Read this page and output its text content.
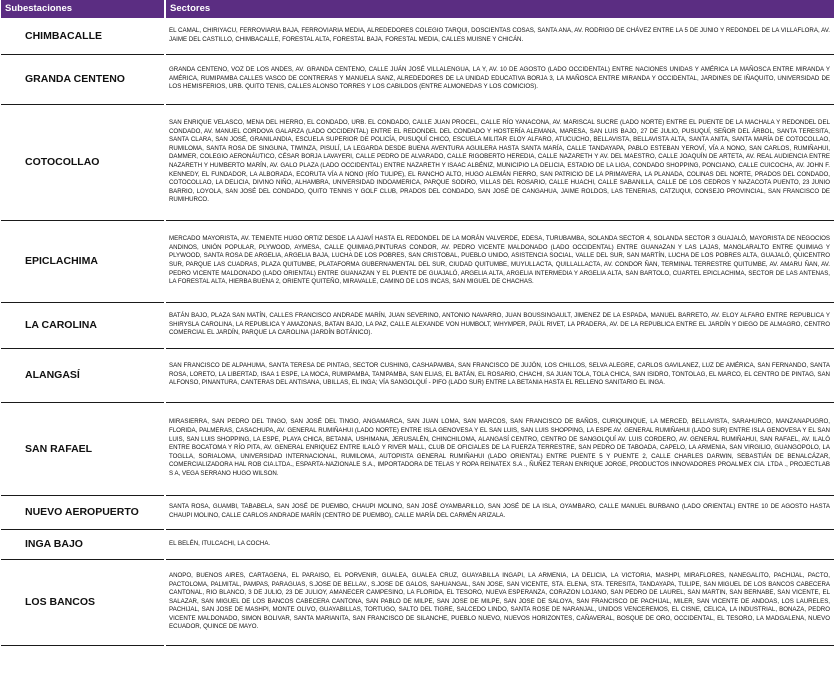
Subestaciones	Sectores
CHIMBACALLE	EL CAMAL, CHIRIYACU, FERROVIARIA BAJA, FERROVIARIA MEDIA, ALREDEDORES COLEGIO TARQUI, DOSCIENTAS COSAS, SANTA ANA, AV. RODRIGO DE CHÁVEZ ENTRE LA 5 DE JUNIO Y REDONDEL DE LA VILLAFLORA, AV. JAIME DEL CASTILLO, CHIMBACALLE, FORESTAL ALTA, FORESTAL BAJA, FORESTAL MEDIA, CALLES MUISNE Y CHICÁN.
GRANDA CENTENO	GRANDA CENTENO, VOZ DE LOS ANDES, AV. GRANDA CENTENO, CALLE JUÁN JOSÉ VILLALENGUA, LA Y, AV. 10 DE AGOSTO (LADO OCCIDENTAL) ENTRE NACIONES UNIDAS Y AMÉRICA LA MAÑOSCA ENTRE MIRANDA Y AMÉRICA, RUMIPAMBA CALLES VASCO DE CONTRERAS Y MANUELA SANZ, ALREDEDORES DE LA UNIDAD EDUCATIVA BORJA 3, LA MAÑOSCA ENTRE MIRANDA Y OCCIDENTAL, JARDINES DE IÑAQUITO, UNIVERSIDAD DE LOS HEMISFERIOS, URB. QUITO TENIS, CALLES ALONSO TORRES Y LOS CABILDOS (ENTRE ALMONEDAS Y LOS COMICIOS).
COTOCOLLAO	SAN ENRIQUE VELASCO, MENA DEL HIERRO, EL CONDADO, URB. EL CONDADO, CALLE JUAN PROCEL, CALLE RÍO YANACONA, AV. MARISCAL SUCRE (LADO NORTE) ENTRE EL PUENTE DE LA MACHALA Y REDONDEL DEL CONDADO, AV. MANUEL CORDOVA GALARZA (LADO OCCIDENTAL) ENTRE EL REDONDEL DEL CONDADO Y HOSTERÍA ALEMANA, MARESA, SAN LUIS BAJO, 27 DE JULIO, PUSUQUÍ, SEÑOR DEL ÁRBOL, SANTA TERESITA, SANTA CLARA, SAN JOSÉ, GRANILANDIA, ESCUELA SUPERIOR DE POLICÍA, PUSUQUÍ CHICO, ESCUELA MILITAR ELOY ALFARO, ATUCUCHO, BELLAVISTA, BELLAVISTA ALTA, SANTA ANITA, SANTA MARÍA DE COTOCOLLAO, RUMILOMA, SANTA ROSA DE SINGUNA, TIWINZA, PISULÍ, LA LEGARDA DESDE BUENA AVENTURA AGUILERA HASTA SANTA MARÍA, CALLE TANDAYAPA, PABLO ESTEBAN YEROVÍ, VÍA A NONO, SAN CARLOS, RUMIÑAHUI, DAMMER, COLEGIO AERONÁUTICO, CÉSAR BORJA LAVAYERI, CALLE PEDRO DE ALVARADO, CALLE RIGOBERTO HEREDIA, CALLE NAZARETH Y AV. DEL MAESTRO, CALLE JOAQUÍN DE ARTETA, AV. REAL AUDIENCIA ENTRE NAZARETH Y HUMBERTO MARÍN, AV. GALO PLAZA (LADO OCCIDENTAL) ENTRE NAZARETH Y ISAAC ALBÉNIZ, MUNICIPIO LA DELICIA, ESTADIO DE LA LIGA, CONDADO SHOPPING, PONCIANO, CALLE CUICOCHA, AV. JOHN F. KENNEDY, EL FUNDADOR, LA ALBORADA, ECORUTA VÍA A NONO (RÍO TULIPE), EL RANCHO ALTO, HUGO ALEMÁN FIERRO, SAN PATRICIO DE LA PRIMAVERA, LA PLANADA, COLINAS DEL NORTE, PRADOS DEL CONDADO, COTOCOLLAO, LA DELICIA, DIVINO NIÑO, ALHAMBRA, UNIVERSIDAD INDOAMERICA, PARQUE SODIRO, VILLAS DEL ROSARIO, CALLE HUACHI, CALLE SABANILLA, CALLE DE LOS CEDROS Y NAZACOTA PUENTO, 23 JUNIO BARRIO, LOYOLA, SAN JOSÉ DEL CONDADO, QUITO TENNIS Y GOLF CLUB, PRADOS DEL CONDADO, SAN JOSÉ DE CANGAHUA, JAIME ROLDOS, LAS TENERIAS, CATZUQUI, CONSEJO PROVINCIAL, SAN FRANCISCO DE RUMIHURCO.
EPICLACHIMA	MERCADO MAYORISTA, AV. TENIENTE HUGO ORTIZ DESDE LA AJAVÍ HASTA EL REDONDEL DE LA MORÁN VALVERDE, EDESA, TURUBAMBA, SOLANDA SECTOR 4, SOLANDA SECTOR 3 GUAJALÓ, MAYORISTA DE NEGOCIOS ANDINOS, UNIÓN POPULAR, PLYWOOD, AYMESA, CALLE QUIMIAG,PINTURAS CONDOR, AV. PEDRO VICENTE MALDONADO (LADO OCCIDENTAL) ENTRE GUANAZAN Y LAS LAJAS, MANGLARALTO ENTRE QUIMIAG Y PLYWOOD, SANTA ROSA DE ARGELIA, ARGELIA BAJA, LUCHA DE LOS POBRES, SAN CRISTOBAL, PUEBLO UNIDO, ASISTENCIA SOCIAL, VALLE DEL SUR, SAN MARTÍN, LUCHA DE LOS POBRES ALTA, GUAJALÓ, QUICENTRO SUR, PARQUE LAS CUADRAS, PLAZA QUITUMBE, PLATAFORMA GUBERNAMENTAL DEL SUR, CIUDAD QUITUMBE, MUYULLACTA, QUILLALLACTA, AV. CONDOR ÑAN, TERMINAL TERRESTRE QUITUMBE, AV. AMARU ÑAN, AV. PEDRO VICENTE MALDONADO (LADO ORIENTAL) ENTRE GUANAZAN Y EL PUENTE DE GUAJALÓ, ARGELIA ALTA, ARGELIA INTERMEDIA Y ARGELIA ALTA, SAN BARTOLO, CUARTEL EPICLACHIMA, SECTOR DE LAS ANTENAS, LA FORESTAL ALTA, HIERBA BUENA 2, ORIENTE QUITEÑO, MIRAVALLE, CAMINO DE LOS INCAS, SAN MIGUEL DE CHACHAS.
LA CAROLINA	BATÁN BAJO, PLAZA SAN MATÍN, CALLES FRANCISCO ANDRADE MARÍN, JUAN SEVERINO, ANTONIO NAVARRO, JUAN BOUSSINGAULT, JIMENEZ DE LA ESPADA, MANUEL BARRETO, AV. ELOY ALFARO ENTRE REPUBLICA Y SHIRYSLA CAROLINA, LA REPUBLICA Y AMAZONAS, BATAN BAJO, LA PAZ, CALLE ALEXANDE VON HUMBOLT, WHYMPER, PAÚL RIVET, LA PRADERA, AV. DE LA REPUBLICA ENTRE EL JARDÍN Y DIEGO DE ALMAGRO, CENTRO COMERCIAL EL JARDÍN, PARQUE LA CAROLINA (JARDÍN BOTÁNICO).
ALANGASÍ	SAN FRANCISCO DE ALPAHUMA, SANTA TERESA DE PINTAG, SECTOR CUSHING, CASHAPAMBA, SAN FRANCISCO DE JUJÓN, LOS CHILLOS, SELVA ALEGRE, CARLOS GAVILANEZ, LUZ DE AMÉRICA, SAN FERNANDO, SANTA ROSA, LORETO, LA LIBERTAD, ISAA 1 ESPE, LA MOCA, RUMIPAMBA, TANIPAMBA, SAN ELIAS, EL BATÁN, EL ROSARIO, CHACHI, SA JUAN TOLA, TOLA CHICA, SAN ISIDRO, TONTOLAG, EL MARCO, EL CENTRO DE PINTAG, SAN ALFONSO, PINANTURA, CANTERAS DEL ANTISANA, UBILLAS, EL INGA; VÍA SANGOLQUÍ - PIFO (LADO SUR) ENTRE LA BETANIA HASTA EL RELLENO SANITARIO EL INGA.
SAN RAFAEL	MIRASIERRA, SAN PEDRO DEL TINGO, SAN JOSÉ DEL TINGO, ANGAMARCA, SAN JUAN LOMA, SAN MARCOS, SAN FRANCISCO DE BAÑOS, CURIQUINQUE, LA MERCED, BELLAVISTA, SARAHURCO, MANZANAPUGRO, FLORIDA, PALMERAS, CASACHUPA, AV. GENERAL RUMIÑAHUI (LADO NORTE) ENTRE ISLA GENOVESA Y EL SAN LUIS, SAN LUIS SHOPPING, LA ESPE AV. GENERAL RUMIÑAHUI (LADO SUR) ENTRE ISLA GENOVESA Y EL SAN LUIS, SAN LUIS SHOPPING, LA ESPE, PLAYA CHICA, BETANIA, USHIMANA, JERUSALÉN, CHINCHILOMA, ALANGASÍ CENTRO, CENTRO DE SANGOLQUÍ AV. LUIS CORDERO, AV. GENERAL RUMIÑAHUI, SAN RAFAEL, AV. ILALÓ ENTRE BOCATOMA Y RÍO PITA, AV. GENERAL ENRIQUEZ ENTRE ILALÓ Y RIVER MALL, CLUB DE OFICIALES DE LA FUERZA TERRESTRE, SAN PEDRO DE TABOADA, CAPELO, LA ARMENIA, SAN VIRGILIO, GUANGOPOLO, LA TOGLLA, SORIALOMA, UNIVERSIDAD INTERNACIONAL, RUMILOMA, AUTOPISTA GENERAL RUMIÑAHUI (LADO ORIENTAL) ENTRE PUENTE 5 Y PUENTE 2, CALLE CHARLES DARWIN, SEBASTIÁN DE BENALCÁZAR, COMERCIALIZADORA HAL ROB CIA.LTDA., ESPARTA-NAZIONALE S.A., IMPORTADORA DE TELAS Y ROPA REINATEX S.A ., ÑUÑEZ TERAN ENRIQUE JORGE, PRODUCTOS INNOVADORES PROALMEX CIA. LTDA ., PROJECTLAB S A, VEGA SERRANO HUGO WILSON.
NUEVO AEROPUERTO	SANTA ROSA, GUAMBI, TABABELA, SAN JOSÉ DE PUEMBO, CHAUPI MOLINO, SAN JOSÉ OYAMBARILLO, SAN JOSÉ DE LA ISLA, OYAMBARO, CALLE MANUEL BURBANO (LADO ORIENTAL) ENTRE 10 DE AGOSTO HASTA CHAUPI MOLINO, CALLE CARLOS ANDRADE MARÍN (CENTRO DE PUEMBO), CALLE MARÍA DEL CARMÉN ARIZALA.
INGA BAJO	EL BELÉN, ITULCACHI, LA COCHA.
LOS BANCOS	ANOPO, BUENOS AIRES, CARTAGENA, EL PARAISO, EL PORVENIR, GUALEA, GUALEA CRUZ, GUAYABILLA INGAPI, LA ARMENIA, LA DELICIA, LA VICTORIA, MASHPI, MIRAFLORES, NANEGALITO, PACHIJAL, PACTO, PACTOLOMA, PALMITAL, PAMPAS, PARAGUAS, S.JOSE DE BELLAV., S.JOSE DE GALOS, SAHUANGAL, SAN JOSE, SAN VICENTE, STA. ELENA, STA. TERESITA, TANDAYAPA, TULIPE, SAN MIGUEL DE LOS BANCOS CABECERA CANTONAL, RIO BLANCO, 3 DE JULIO, 23 DE JULIOY, AMANECER CAMPESINO, LA FLORIDA, EL TESORO, NUEVA ESPERANZA, CORAZON LOJANO, SAN PEDRO DE LAUREL, SAN MARTIN, SAN BERNABE, SAN VICENTE, EL SALAZAR, SAN MIGUEL DE LOS BANCOS CABECERA CANTONA, SAN PABLO DE MILPE, SAN JOSE DE MILPE, SAN JOSE DE SALOYA, SAN FRANCISCO DE PACHIJAL, MILER, SAN VICENTE DE ANDOAS, LOS LAURELES, PACHIJAL, SAN JOSE DE MASHPI, MONTE OLIVO, GUAYABILLAS, TORTUGO, SALTO DEL TIGRE, SALCEDO LINDO, SANTA ROSE DE NARANJAL, UNIDOS VENCEREMOS, EL CISNE, CELICA, LA INDUSTRIAL, BONAZA, PEDRO VICENTE MALDONADO, SIMON BOLIVAR, SANTA MARIANITA, SAN FRANCISCO DE SILANCHE, PUEBLO NUEVO, NUEVOS HORIZONTES, CAÑAVERAL, BOSQUE DE ORO, OCCIDENTAL, EL TESORO, LA MADGALENA, NUEVO ECUADOR, QUINCE DE MAYO.
